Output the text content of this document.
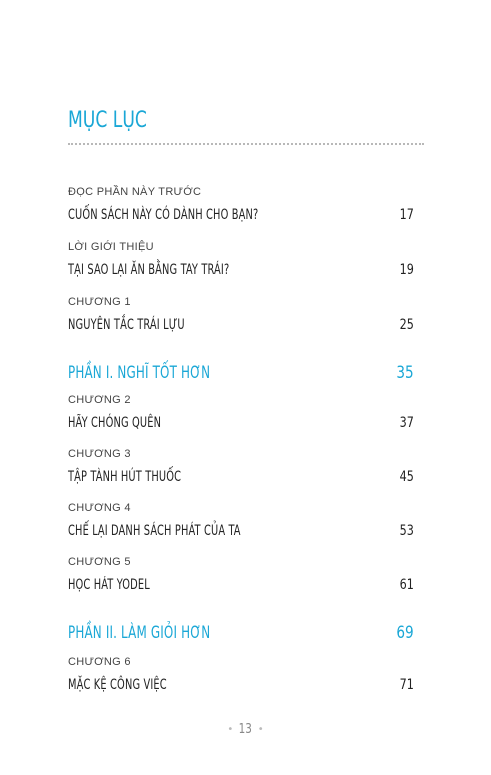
MỤC LỤC
ĐỌC PHẦN NÀY TRƯỚC
CUỐN SÁCH NÀY CÓ DÀNH CHO BẠN?	17
LỜI GIỚI THIỆU
TẠI SAO LẠI ĂN BẰNG TAY TRÁI?	19
CHƯƠNG 1
NGUYÊN TẮC TRÁI LỰU	25
PHẦN I. NGHĨ TỐT HƠN	35
CHƯƠNG 2
HÃY CHÓNG QUÊN	37
CHƯƠNG 3
TẬP TÀNH HÚT THUỐC	45
CHƯƠNG 4
CHẾ LẠI DANH SÁCH PHÁT CỦA TA	53
CHƯƠNG 5
HỌC HÁT YODEL	61
PHẦN II. LÀM GIỎI HƠN	69
CHƯƠNG 6
MẶC KỆ CÔNG VIỆC	71
• 13 •
